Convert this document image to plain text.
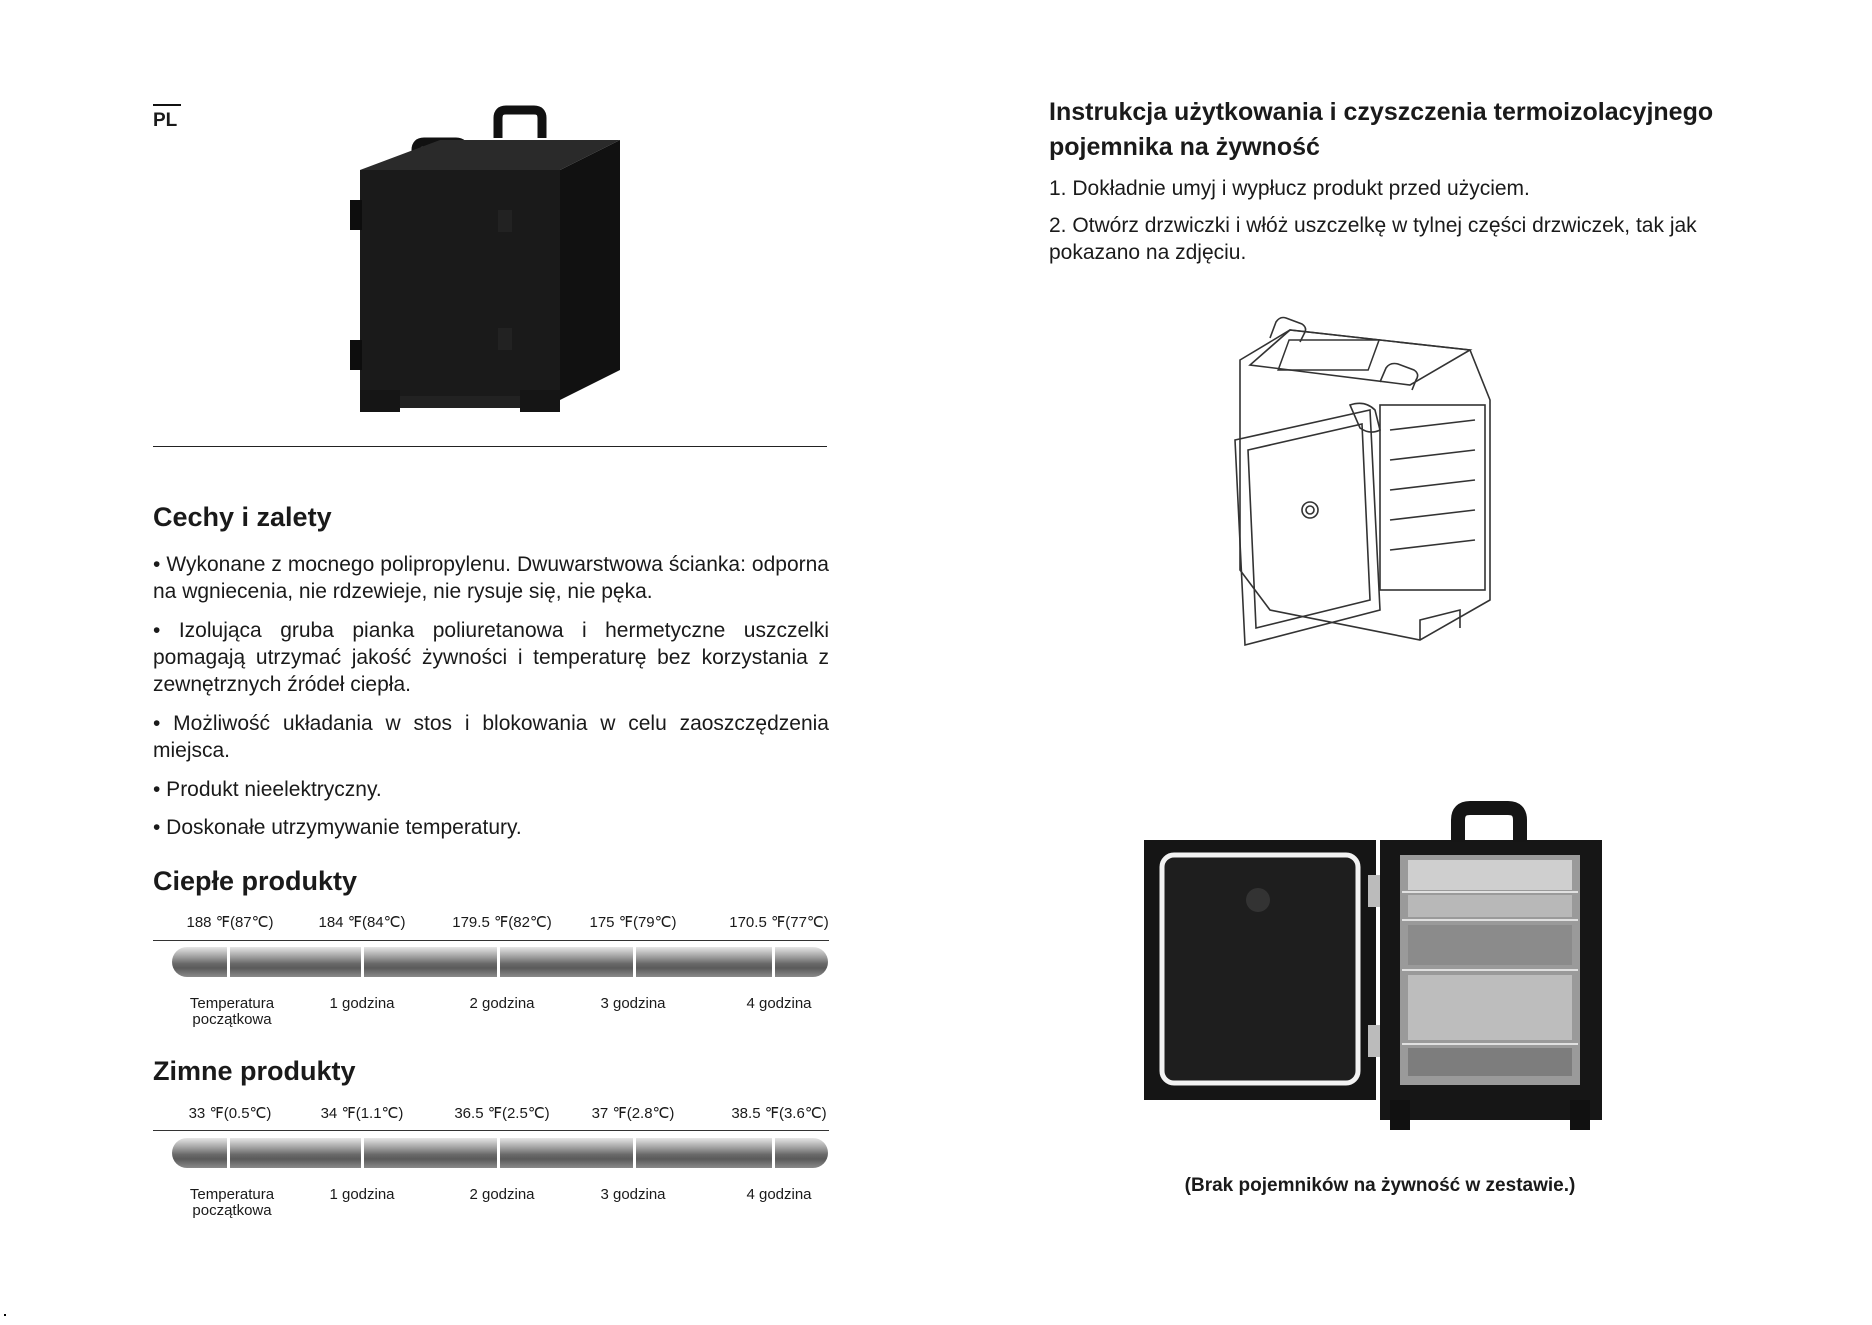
PL
Cechy i zalety
• Wykonane z mocnego polipropylenu. Dwuwarstwowa ścianka: odporna na wgniecenia, nie rdzewieje, nie rysuje się, nie pęka.
• Izolująca gruba pianka poliuretanowa i hermetyczne uszczelki pomagają utrzymać jakość żywności i temperaturę bez korzystania z zewnętrznych źródeł ciepła.
• Możliwość układania w stos i blokowania w celu zaoszczędzenia miejsca.
• Produkt nieelektryczny.
• Doskonałe utrzymywanie temperatury.
Ciepłe produkty
188 ℉(87℃)	184 ℉(84℃)	179.5 ℉(82℃)	175 ℉(79℃)	170.5 ℉(77℃)
Temperatura początkowa
1 godzina	2 godzina	3 godzina	4 godzina
Zimne produkty
33 ℉(0.5℃)	34 ℉(1.1℃)	36.5 ℉(2.5℃)	37 ℉(2.8℃)	38.5 ℉(3.6℃)
Temperatura początkowa
1 godzina	2 godzina	3 godzina	4 godzina
Instrukcja użytkowania i czyszczenia termoizolacyjnego pojemnika na żywność
1. Dokładnie umyj i wypłucz produkt przed użyciem.
2. Otwórz drzwiczki i włóż uszczelkę w tylnej części drzwiczek, tak jak pokazano na zdjęciu.
(Brak pojemników na żywność w zestawie.)
